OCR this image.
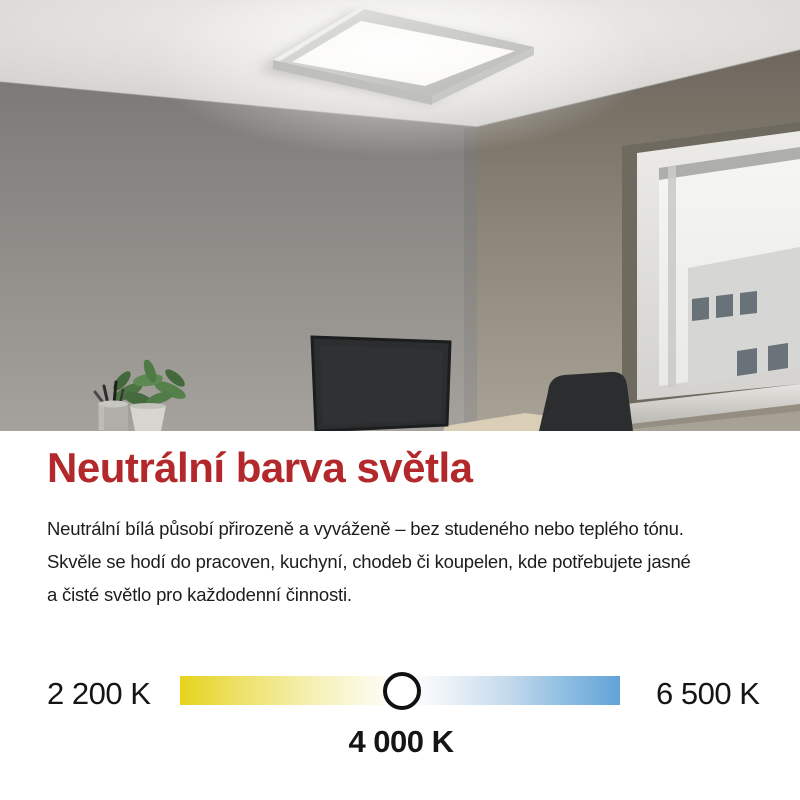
Neutrální barva světla
Neutrální bílá působí přirozeně a vyváženě – bez studeného nebo teplého tónu.
Skvěle se hodí do pracoven, kuchyní, chodeb či koupelen, kde potřebujete jasné
a čisté světlo pro každodenní činnosti.
2 200 K	6 500 K
4 000 K
